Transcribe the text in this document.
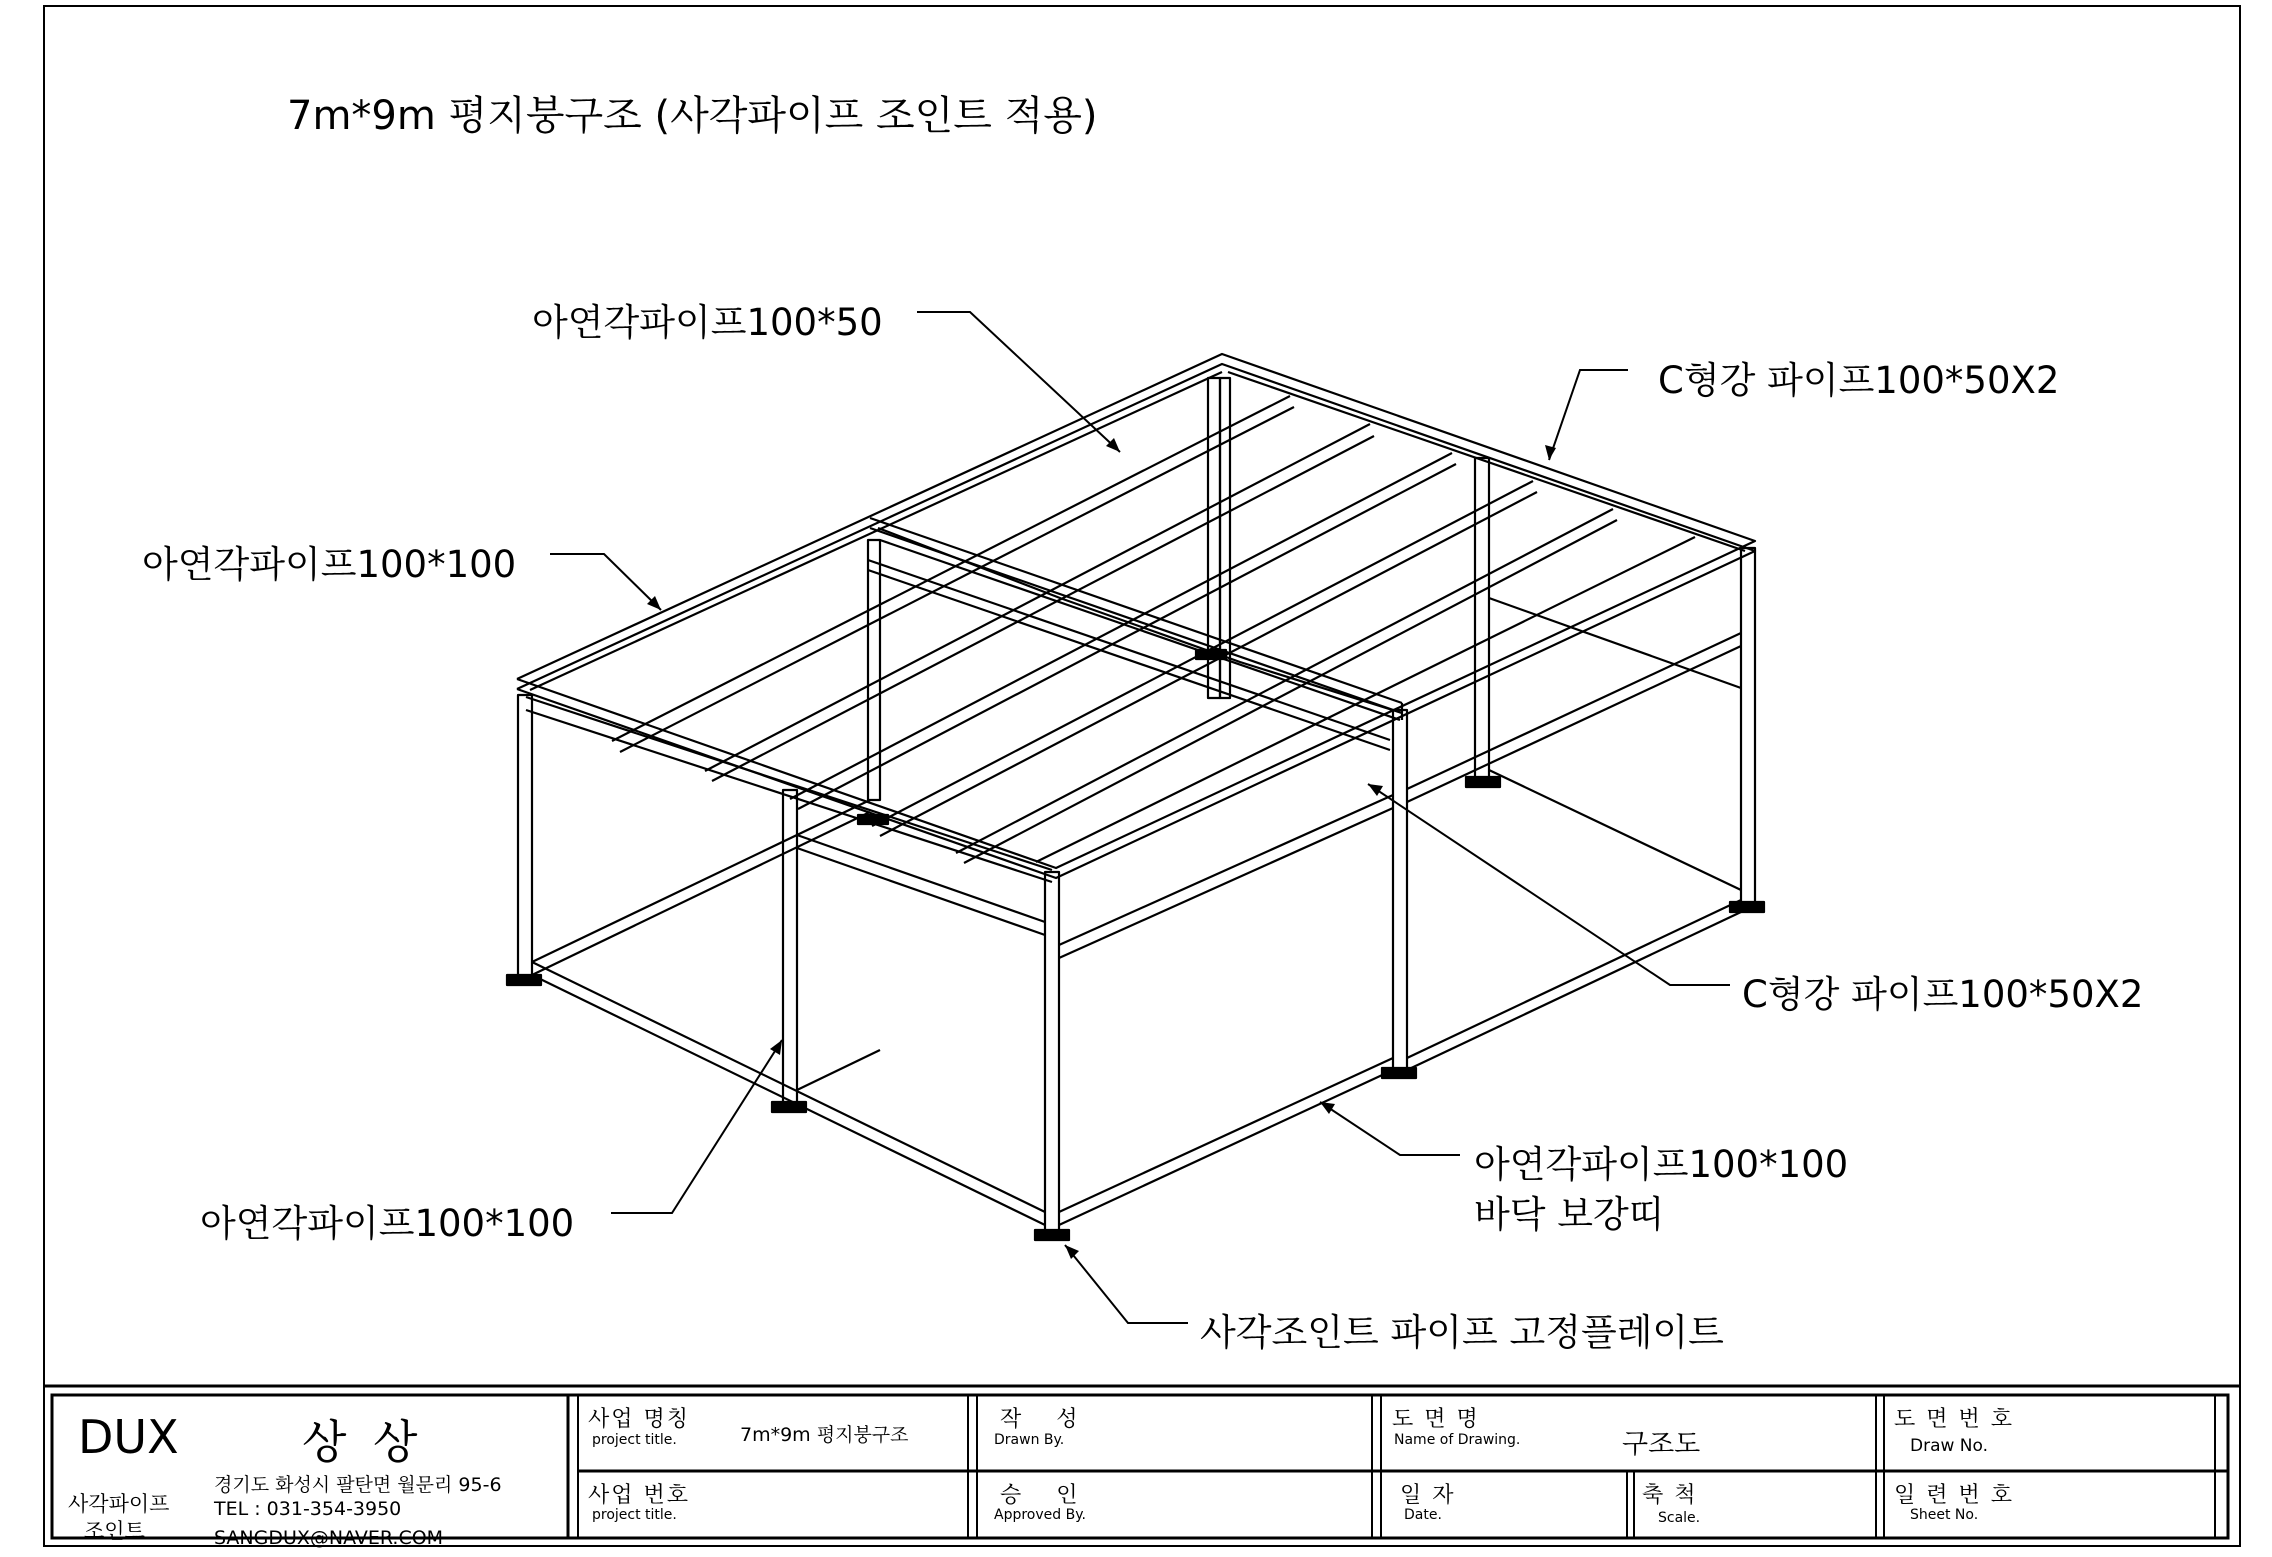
7m*9m 평지붕구조 (사각파이프 조인트 적용)
아연각파이프100*50
C형강 파이프100*50X2
아연각파이프100*100
C형강 파이프100*50X2
아연각파이프100*100
바닥 보강띠
아연각파이프100*100
사각조인트 파이프 고정플레이트
DUX	상 상
사각파이프
조인트
경기도 화성시 팔탄면 월문리 95-6
TEL : 031-354-3950
SANGDUX@NAVER.COM
사업 명칭
project title.	7m*9m 평지붕구조
사업 번호
project title.
작 성
Drawn By.
승 인
Approved By.
도 면 명
Name of Drawing.	구조도
일 자
Date.
축 척
Scale.
도 면 번 호
Draw No.
일 련 번 호
Sheet No.
